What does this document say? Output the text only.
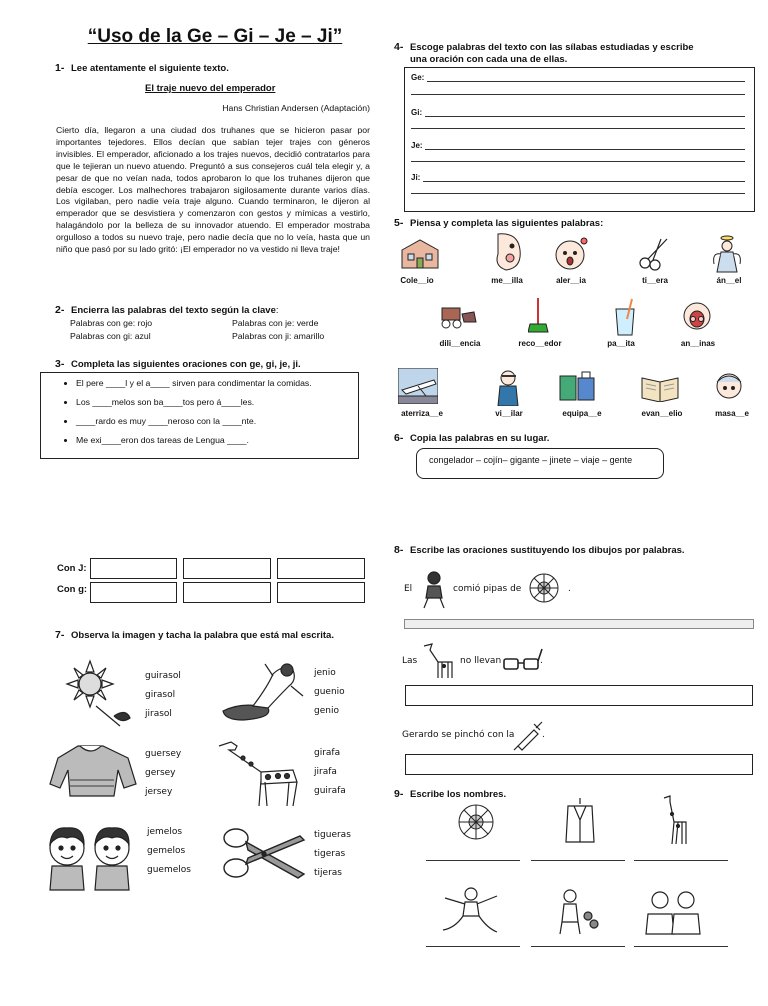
“Uso de la Ge – Gi – Je – Ji”
1- Lee atentamente el siguiente texto.
El traje nuevo del emperador
Hans Christian Andersen (Adaptación)
Cierto día, llegaron a una ciudad dos truhanes que se hicieron pasar por importantes tejedores. Ellos decían que sabían tejer trajes con géneros invisibles. El emperador, aficionado a los trajes nuevos, decidió contratarlos para que le tejieran un nuevo atuendo. Preguntó a sus consejeros cuál tela elegir y, a pesar de que no veían nada, todos aprobaron lo que los truhanes dijeron que debía escoger. Los malhechores trabajaron sigilosamente durante varios días. Los vigilaban, pero nadie veía traje alguno. Cuando terminaron, le dijeron al emperador que se desvistiera y comenzaron con gestos y mímicas a vestirlo, halagándolo por la belleza de su innovador atuendo. El emperador mostraba orgulloso a todos su nuevo traje, pero nadie decía que no lo veía, hasta que un niño que pasó por su lado gritó: ¡El emperador no va vestido ni lleva traje!
2- Encierra las palabras del texto según la clave:
Palabras con ge: rojo	Palabras con je: verde
Palabras con gi: azul	Palabras con ji: amarillo
3- Completa las siguientes oraciones con ge, gi, je, ji.
• El pere ____l y el a____ sirven para condimentar la comidas.
• Los ____melos son ba____tos pero á____les.
• ____rardo es muy ____neroso con la ____nte.
• Me exi____eron dos tareas de Lengua ____.
Con J:
Con g:
7- Observa la imagen y tacha la palabra que está mal escrita.
guirasol
girasol
jirasol
jenio
guenio
genio
guersey
gersey
jersey
girafa
jirafa
guirafa
jemelos
gemelos
guemelos
tigueras
tigeras
tijeras
4- Escoge palabras del texto con las sílabas estudiadas y escribe
una oración con cada una de ellas.
Ge:
Gi:
Je:
Ji:
5- Piensa y completa las siguientes palabras:
Cole__io	me__illa	aler__ia	ti__era	án__el
dili__encia	reco__edor	pa__ita	an__inas
aterriza__e	vi__ilar	equipa__e	evan__elio	masa__e
6- Copia las palabras en su lugar.
congelador – cojín– gigante – jinete – viaje – gente
8- Escribe las oraciones sustituyendo los dibujos por palabras.
El	comió pipas de	.
Las	no llevan	.
Gerardo se pinchó con la	.
9- Escribe los nombres.
